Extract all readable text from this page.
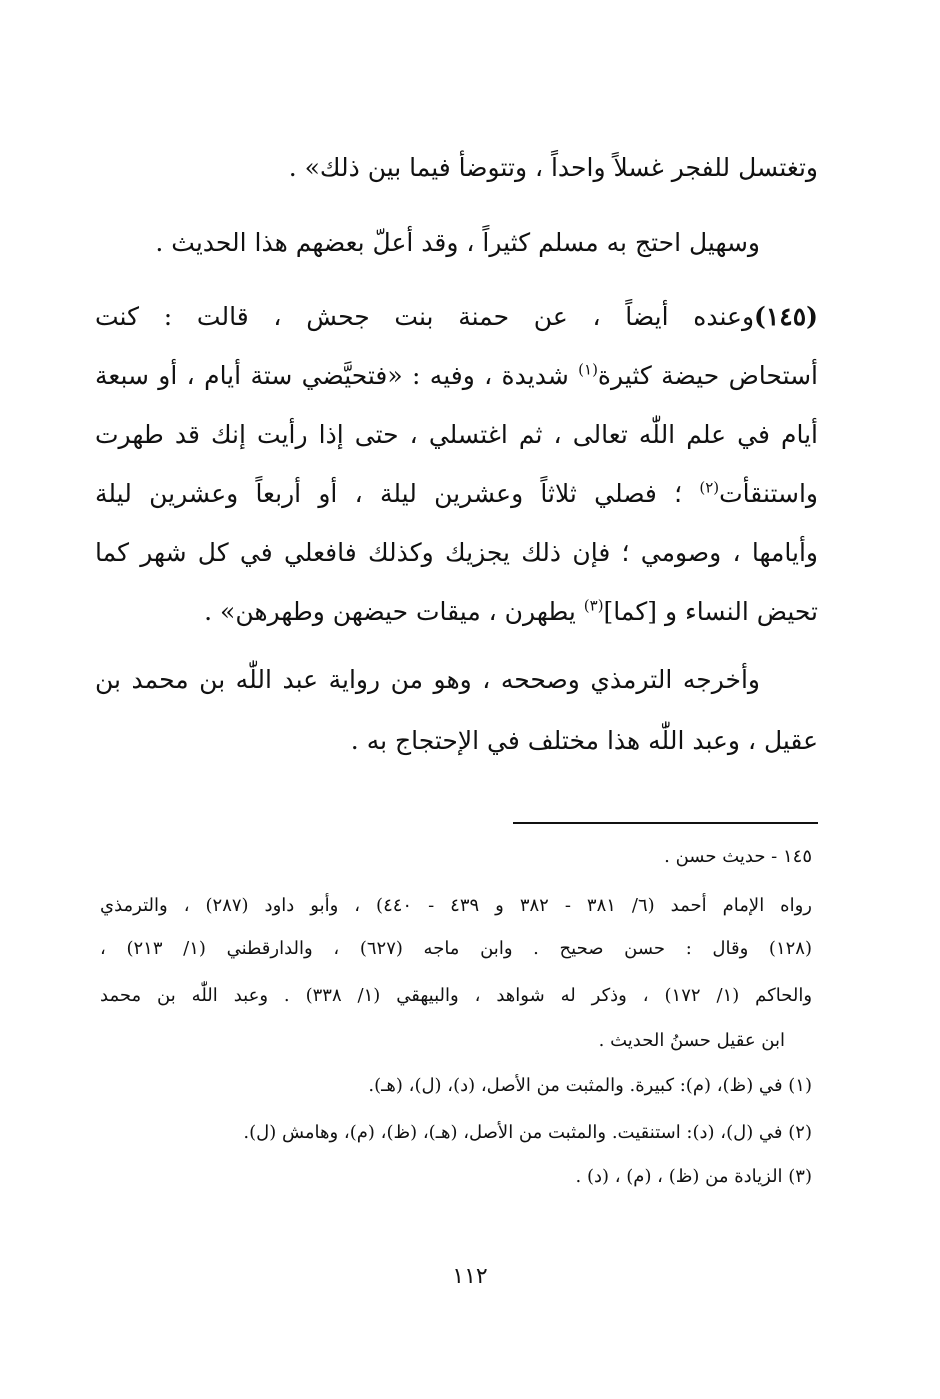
وتغتسل للفجر غسلاً واحداً ، وتتوضأ فيما بين ذلك» .

وسهيل احتج به مسلم كثيراً ، وقد أعلّ بعضهم هذا الحديث .

(١٤٥)وعنده أيضاً ، عن حمنة بنت جحش ، قالت : كنت

أستحاض حيضة كثيرة$^{(١)}$ شديدة ، وفيه : «فتحيَّضي ستة أيام ، أو سبعة

أيام في علم اللّٰه تعالى ، ثم اغتسلي ، حتى إذا رأيت إنك قد طهرت

واستنقأت$^{(٢)}$ ؛ فصلي ثلاثاً وعشرين ليلة ، أو أربعاً وعشرين ليلة

وأيامها ، وصومي ؛ فإن ذلك يجزيك وكذلك فافعلي في كل شهر كما

تحيض النساء و [كما]$^{(٣)}$ يطهرن ، ميقات حيضهن وطهرهن» .

وأخرجه الترمذي وصححه ، وهو من رواية عبد اللّٰه بن محمد بن

عقيل ، وعبد اللّٰه هذا مختلف في الإحتجاج به .

١٤٥ - حديث حسن .

رواه الإمام أحمد (٦/ ٣٨١ - ٣٨٢ و ٤٣٩ - ٤٤٠) ، وأبو داود (٢٨٧) ، والترمذي

(١٢٨) وقال : حسن صحيح . وابن ماجه (٦٢٧) ، والدارقطني (١/ ٢١٣) ،

والحاكم (١/ ١٧٢) ، وذكر له شواهد ، والبيهقي (١/ ٣٣٨) . وعبد اللّٰه بن محمد

ابن عقيل حسنُ الحديث .

(١) في (ظ)، (م): كبيرة. والمثبت من الأصل، (د)، (ل)، (هـ).

(٢) في (ل)، (د): استنقيت. والمثبت من الأصل، (هـ)، (ظ)، (م)، وهامش (ل).

(٣) الزيادة من (ظ) ، (م) ، (د) .

١١٢
